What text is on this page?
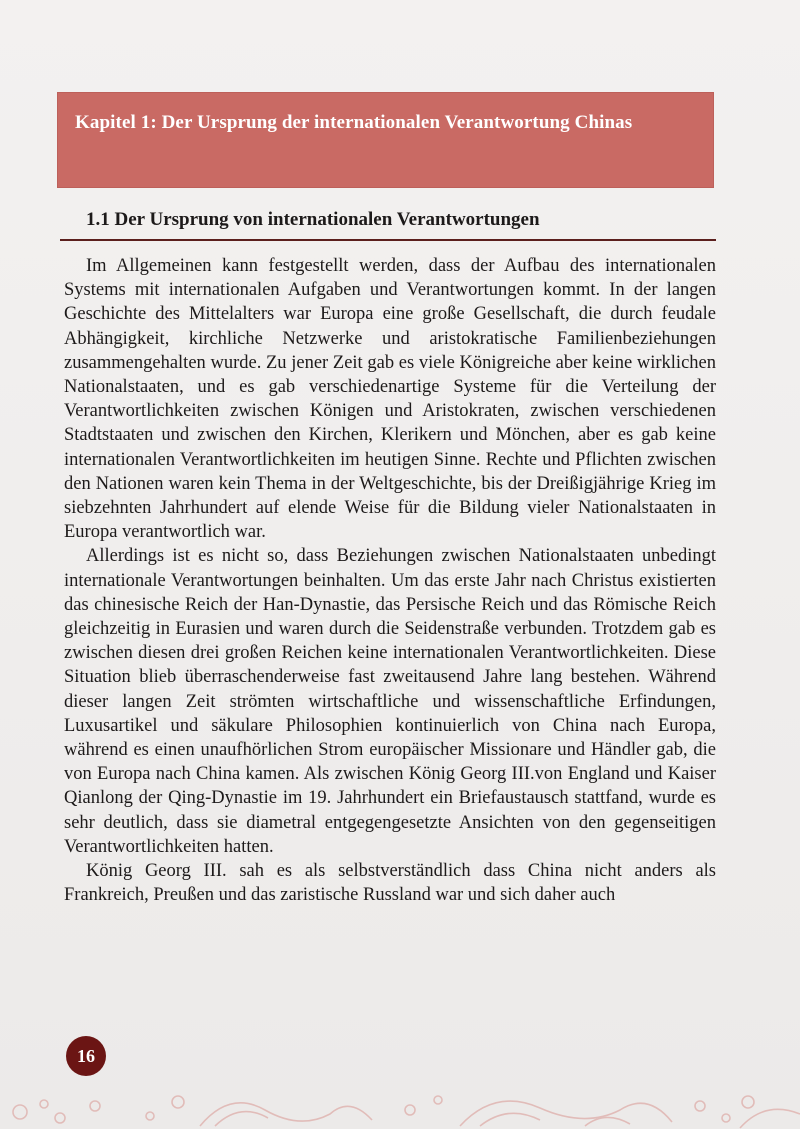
Kapitel 1: Der Ursprung der internationalen Verantwortung Chinas
1.1 Der Ursprung von internationalen Verantwortungen

Im Allgemeinen kann festgestellt werden, dass der Aufbau des internationalen Systems mit internationalen Aufgaben und Verantwortungen kommt. In der langen Geschichte des Mittelalters war Europa eine große Gesellschaft, die durch feudale Abhängigkeit, kirchliche Netzwerke und aristokratische Familienbeziehungen zusammengehalten wurde. Zu jener Zeit gab es viele Königreiche aber keine wirklichen Nationalstaaten, und es gab verschiedenartige Systeme für die Verteilung der Verantwortlichkeiten zwischen Königen und Aristokraten, zwischen verschiedenen Stadtstaaten und zwischen den Kirchen, Klerikern und Mönchen, aber es gab keine internationalen Verantwortlichkeiten im heutigen Sinne. Rechte und Pflichten zwischen den Nationen waren kein Thema in der Weltgeschichte, bis der Dreißigjährige Krieg im siebzehnten Jahrhundert auf elende Weise für die Bildung vieler Nationalstaaten in Europa verantwortlich war.

Allerdings ist es nicht so, dass Beziehungen zwischen Nationalstaaten unbedingt internationale Verantwortungen beinhalten. Um das erste Jahr nach Christus existierten das chinesische Reich der Han-Dynastie, das Persische Reich und das Römische Reich gleichzeitig in Eurasien und waren durch die Seidenstraße verbunden. Trotzdem gab es zwischen diesen drei großen Reichen keine internationalen Verantwortlichkeiten. Diese Situation blieb überraschenderweise fast zweitausend Jahre lang bestehen. Während dieser langen Zeit strömten wirtschaftliche und wissenschaftliche Erfindungen, Luxusartikel und säkulare Philosophien kontinuierlich von China nach Europa, während es einen unaufhörlichen Strom europäischer Missionare und Händler gab, die von Europa nach China kamen. Als zwischen König Georg III.von England und Kaiser Qianlong der Qing-Dynastie im 19. Jahrhundert ein Briefaustausch stattfand, wurde es sehr deutlich, dass sie diametral entgegengesetzte Ansichten von den gegenseitigen Verantwortlichkeiten hatten.

König Georg III. sah es als selbstverständlich dass China nicht anders als Frankreich, Preußen und das zaristische Russland war und sich daher auch

16
